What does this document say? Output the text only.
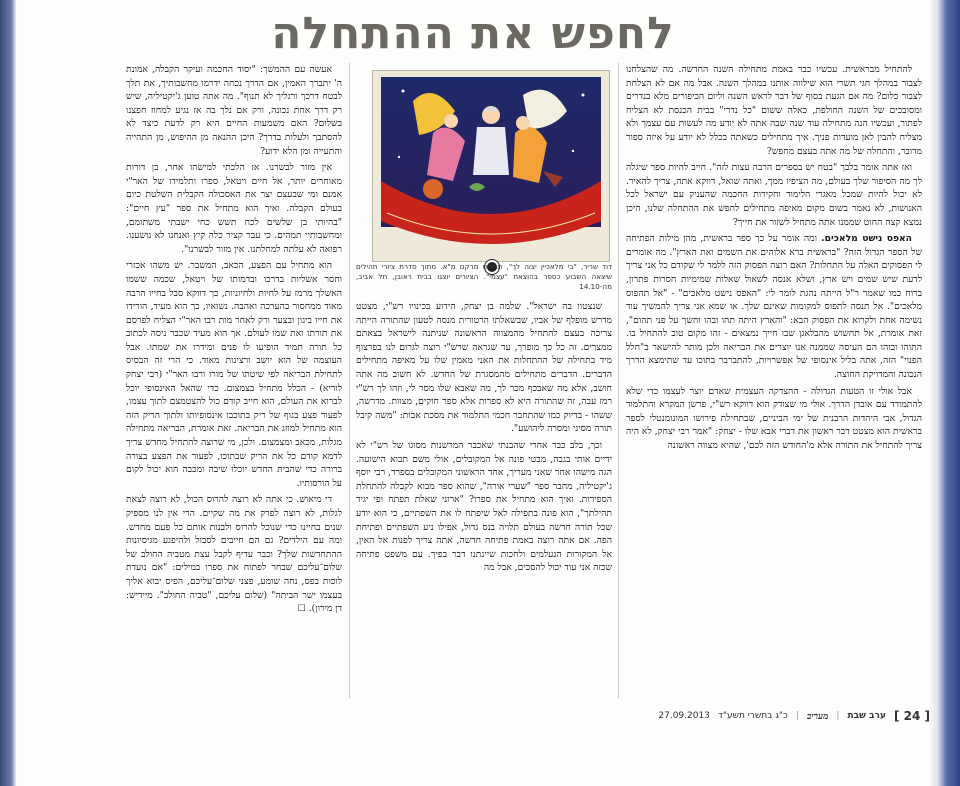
לחפש את ההתחלה
דוד שריר, "בי מלאכיין יצוה לך", תחריט מרקם מ"א. מתוך סדרת ציורי תהילים שיצאה השבוע כספר בהוצאת "עצמי". הציורים יוצגו בבית ראובן, תל אביב, מה-14.10

להתחיל מבראשית. עכשיו כבר באמת מתחילה השנה החדשה. מה שהצלחנו לצבור במהלך חגי תשרי הוא שילווה אותנו במהלך השנה. אבל מה אם לא הצלחת לצבור כלום? מה אם הגעת בסוף של דבר לראש השנה וליום הכיפורים מלא בנדרים ומסובכים של השנה החולפת, כאלה ששום "כל נדרי" בבית הכנסת לא הצליח לפתור, ועכשיו הנה מתחילה עוד שנה שבה אתה לא יודע מה לעשות עם עצמך ולא מצליח להבין לאן מועדות פניך. איך מתחילים כשאתה בכלל לא יודע על איזה ספור מדובר, והתחלה של מה אתה בעצם מחפש?

ואז אתה אומר בלבך "בטח יש בספרים הרבה עצות לזה". חייב להיות ספר שיגלה לך מה הסיפור שלך בעולם, מה הציפיו ממך, ואתה שואל, דווקא אתה, צריך להאיר. לא יכול להיות שמכל מאגרי הלימוד וחקירות החכמה שהעניק עם ישראל לכל האנושות, לא נאמר בשום מקום מאיפה מתחילים לחפש את ההתחלה שלנו, היכן נמצא קצה החוט שממנו אתה מתחיל לשזור את חייך?

האפס נישט מלאכים. ומה אומר על כך ספר בראשית, מהן מילות הפתיחה של הספר הגדול הזה? "בראשית ברא אלוהים את השמים ואת הארץ". מה אומרים לי הפסוקים האלה על התחלות? האם רוצה הפסוק הזה ללמד לי שקודם כל אני צריך לדעת שיש שמים ויש ארץ, ושלא אנסה לשאול שאלות שמימיות חסרות פתרון, ברוח כמו שאמר ר"ל הייתה נהגת לומר לי: "האפס נישט מלאכים" - "אל תהפוס מלאכים". אל תנסה לתפוס למקומות שאינם שלך. או שמא אני צריך להמשיך עוד נשימה אחת ולקרוא את הפסוק הבא: "והארץ היתה תהו ובהו וחשך על פני תהום", זאת אומרת, אל תחשוש מהבלאגן שבו חייך נמצאים - זהו מקום טוב להתחיל בו. התוהו ובוהו הם העיסה שממנה אנו יוצרים את הבריאה ולכן מותר להישאר ב"חלל הפנוי" הזה, אתה בליל אינסופי של אפשרויות, להתברבר בתוכו עד שתימצא הדרך הנכונה והמדויקת החוצה.

אבל אולי זו הטעות הגדולה - ההצדקה העצמית שאדם יוצר לעצמו כדי שלא להתמודד עם אובדן הדרך. אולי מי שצודק הוא דווקא רש"י, פרשן המקרא והתלמוד הגדול, אבי היהדות הרבנית של ימי הביניים, שבתחילת פירושו המונומנטלי לספר בראשית הוא מצטט דבר ראשון את דברי אבא שלו - יצחק: "אמר רבי יצחק, לא היה צריך להתחיל את התורה אלא מ'החודש הזה לכם', שהיא מצווה ראשונה

שנצטוו בה ישראל". שלמה בן יצחק, הידוע בכינויו רש"י, מצטט מדרש מופלף של אביו, שבשאלתו הרטורית מנסה לטעון שהתורה הייתה צריכה בעצם להתחיל מהמצווה הראשונה שניתנה לישראל בצאתם ממצרים. זה כל כך מופרך, עד שגראה שרש"י רוצה לגרום לנו בפרצוף מיד בתחילה של ההתחלות את האני מאמין שלו על מאיפה מתחילים הדברים. הדברים מתחילים מהמסגרת של החדש. לא חשוב מה אתה חושב, אלא מה שאבכף מכר לך, מה שאבא שלו מסר לי, וזהו לך רש"י רמז עבה, זה שהתורה היא לא ספרות אלא ספר חוקים, מצוות. מדרשה, ששהו - בדיוק כמו שהתחבר חכמי התלמוד את מסכת אבות: "משה קיבל תורה מסיני ומסרה ליהושע".

וכך, בלב כבר אחרי שהבנתי שאכבר המרשנות מסוגו של רש"י לא ידיים אותי בגבה, מבטי פונה אל המקובלים, אולי משם תבוא הישועה. הגה מישהו אחר שאני מעריך, אחד הראשוני המקובלים בספרד, רבי יוסף ג'יקטיליה, מחבר ספר "שערי אורה", שהוא ספר מבוא לקבלה להתחלת הספירות. ואיך הוא מתחיל את ספרו? "ארוני שאלת תפתח ופי יגיד תהילתך", הוא פונה בתפילה לאל שיפתח לו את השפתיים, כי הוא יודע שכל תורה חדשה בעולם תלויה בנס גדול, אפילו ניע השפתיים ופתיחת הפה. אם אתה רוצה באמת פתיחה חדשה, אתה צריך לפנות אל האין, אל המקורות הנעלמים ולחכות שיינתנו דבר בפיך. עם משפט פתיחה שכזה אני עוד יכול להסכים, אבל מה

אעשה עם ההמשך: "יסוד החכמה ועיקר הקבלה, אמונת ה' יתברך האמין, אם הדרך נכחה ידרמו מחשבותיך, את תלך לבטח דרכך ורגליך לא תנוף". מה אתה טוען ג'יקטיליה, שיש רק דרך אחת נכונה, ורק אם נלך בה אז נגיע למחוז חפצנו בשלום? האם משמעות החיים היא רק לדעת כיצד לא להסתבך ולעלות בדרך? היכן ההנאה מן ההיפוש, מן התהייה והתעייה ומן הלא ידוע?

אין מזור לבשרנו. אז הלכתי למישהו אחר, בן דורות מאוחרים יותר, אל חיים ויטאל, ספרו ותלמידו של האר"י אמנם ומי שבעצם יצר את האסכולה הקבלית השלטת כיום בעולם הקבלה. ואיך הוא מתחיל את ספר "עץ חיים": "בהיותי בן שלשים לכח תשש כחי ישבתי משתומם, ומחשבותיי תמהים. כי עבר קציר כלה קיץ ואנחנו לא נושענו. רפואה לא עלתה למחלתנו. אין מזור לבשרנו".

הוא מתחיל עם הפצע, הכאב, המשבר. יש משהו אכזרי וחסר אשליות בדרכו ובדמותו של ויטאל, שכמה ששמו האשלך מרמז על לחיות ולחיוניות, כך דווקא סבל בחייו הרבה מאוד ממחסור בהערכה ואהבה. נשואיו, כך הוא מעיד, הורידו את חייו ביגון ובצער ורק לאחר מות רבו האר"י הצליח לפרסם את תורתו ואת שמו לעולם. אך הוא מעיד שכבר ניסה לכתוב כל תורה תמיד הופיעו לו פנים ומידרו את שמתו. אבל העוצמה של הוא יושב ורצינות מאוד. כי הרי זה הבסיס לתחילת הבריאה לפי שיטתו של מורו ורבו האר"י (רבי יצחק לוריא) - הכלל מתחיל בצמצום. כדי שהאל האינסופי יוכל לברוא את העולם, הוא חייב קודם כול להצטמצם לתוך עצמו, לפעור פצע בגוף של ריק בתוכבו אינסופיותו ולתוך הריק הזה הוא מתחיל למוזג את הבריאה. זאת אומרת, הבריאה מתחילה מגלות, מכאב ומצמצום. ולכן, מי שרוצה להתחיל מחדש צריך לדמא קודם כל את הריק שבתוכו, לפעור את הפצע בצורה ברורה כדי שהבית החדש יוכלו שיבה ומכבה הוא יכול לקום על הורסותיו.

די מיאוש. כי אתה לא רוצה להרוס הכול, לא רוצה לצאת לגלות, לא רוצה לפרק את מה שקיים. הרי אין לנו מספיק שנים בחיינו כדי שנוכל להרוס ולבנות אותם כל פעם מחדש. ומה עם הילדים? גם הם חייבים לסבול ולהיפגע מגיסיונות ההתחדשות שלך? וכבר עדיף לקבל עצת מטביה החולב של שלום־עליכם שבחר לפתוח את ספרו במילים: "אם נועדת לוכות בפס, נחה שומע, פצני שלום־עליכם, הפיס יבוא אליך בעצמו ישר הביתה" (שלום עליכם, "טביה החולב". מיידיש: דן מירון). ☐

[ 24 ]
ערב שבת
|
מעריב
|
כ"ג בתשרי תשע"ד
27.09.2013
